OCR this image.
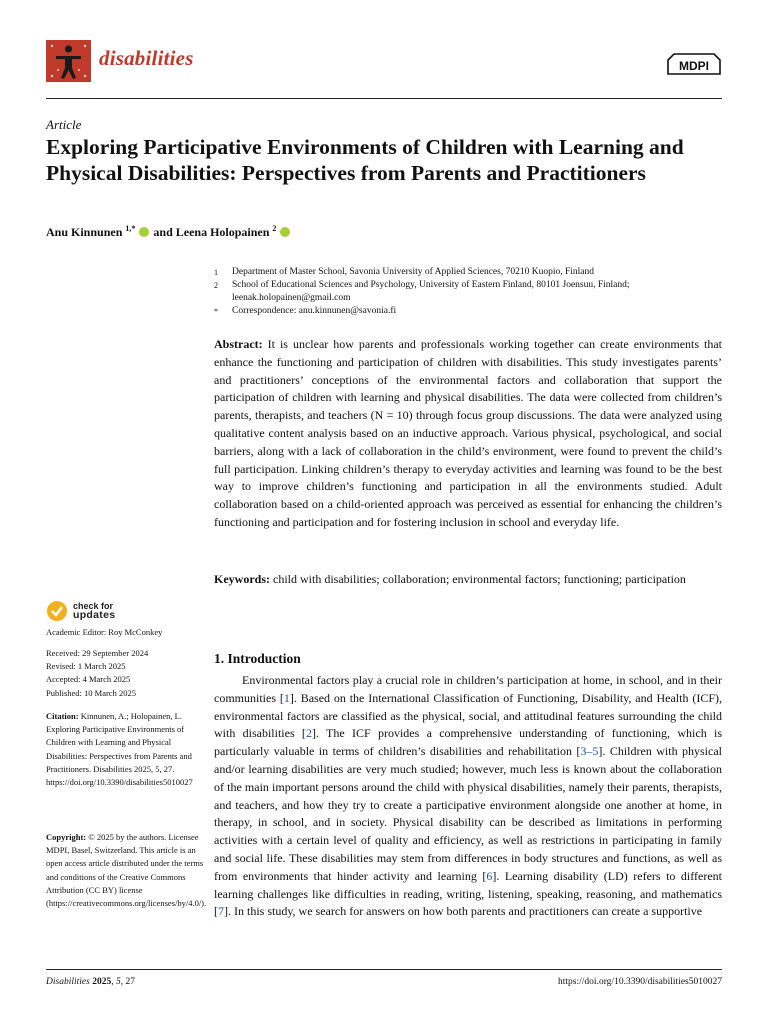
disabilities	MDPI
Article
Exploring Participative Environments of Children with Learning and Physical Disabilities: Perspectives from Parents and Practitioners
Anu Kinnunen $^{1,*}$ and Leena Holopainen $^2$
1	Department of Master School, Savonia University of Applied Sciences, 70210 Kuopio, Finland
2	School of Educational Sciences and Psychology, University of Eastern Finland, 80101 Joensuu, Finland; leenak.holopainen@gmail.com
*	Correspondence: anu.kinnunen@savonia.fi
Abstract: It is unclear how parents and professionals working together can create environments that enhance the functioning and participation of children with disabilities. This study investigates parents’ and practitioners’ conceptions of the environmental factors and collaboration that support the participation of children with learning and physical disabilities. The data were collected from children’s parents, therapists, and teachers (N = 10) through focus group discussions. The data were analyzed using qualitative content analysis based on an inductive approach. Various physical, psychological, and social barriers, along with a lack of collaboration in the child’s environment, were found to prevent the child’s full participation. Linking children’s therapy to everyday activities and learning was found to be the best way to improve children’s functioning and participation in all the environments studied. Adult collaboration based on a child-oriented approach was perceived as essential for enhancing the children’s functioning and participation and for fostering inclusion in school and everyday life.
Keywords: child with disabilities; collaboration; environmental factors; functioning; participation
check for
updates
Academic Editor: Roy McConkey
Received: 29 September 2024
Revised: 1 March 2025
Accepted: 4 March 2025
Published: 10 March 2025
Citation: Kinnunen, A.; Holopainen, L. Exploring Participative Environments of Children with Learning and Physical Disabilities: Perspectives from Parents and Practitioners. Disabilities 2025, 5, 27. https://doi.org/10.3390/disabilities5010027
Copyright: © 2025 by the authors. Licensee MDPI, Basel, Switzerland. This article is an open access article distributed under the terms and conditions of the Creative Commons Attribution (CC BY) license (https://creativecommons.org/licenses/by/4.0/).
1. Introduction
Environmental factors play a crucial role in children’s participation at home, in school, and in their communities [1]. Based on the International Classification of Functioning, Disability, and Health (ICF), environmental factors are classified as the physical, social, and attitudinal features surrounding the child with disabilities [2]. The ICF provides a comprehensive understanding of functioning, which is particularly valuable in terms of children’s disabilities and rehabilitation [3–5]. Children with physical and/or learning disabilities are very much studied; however, much less is known about the collaboration of the main important persons around the child with physical disabilities, namely their parents, therapists, and teachers, and how they try to create a participative environment alongside one another at home, in therapy, in school, and in society. Physical disability can be described as limitations in performing activities with a certain level of quality and efficiency, as well as restrictions in participating in family and social life. These disabilities may stem from differences in body structures and functions, as well as from environments that hinder activity and learning [6]. Learning disability (LD) refers to different learning challenges like difficulties in reading, writing, listening, speaking, reasoning, and mathematics [7]. In this study, we search for answers on how both parents and practitioners can create a supportive
Disabilities 2025, 5, 27	https://doi.org/10.3390/disabilities5010027
